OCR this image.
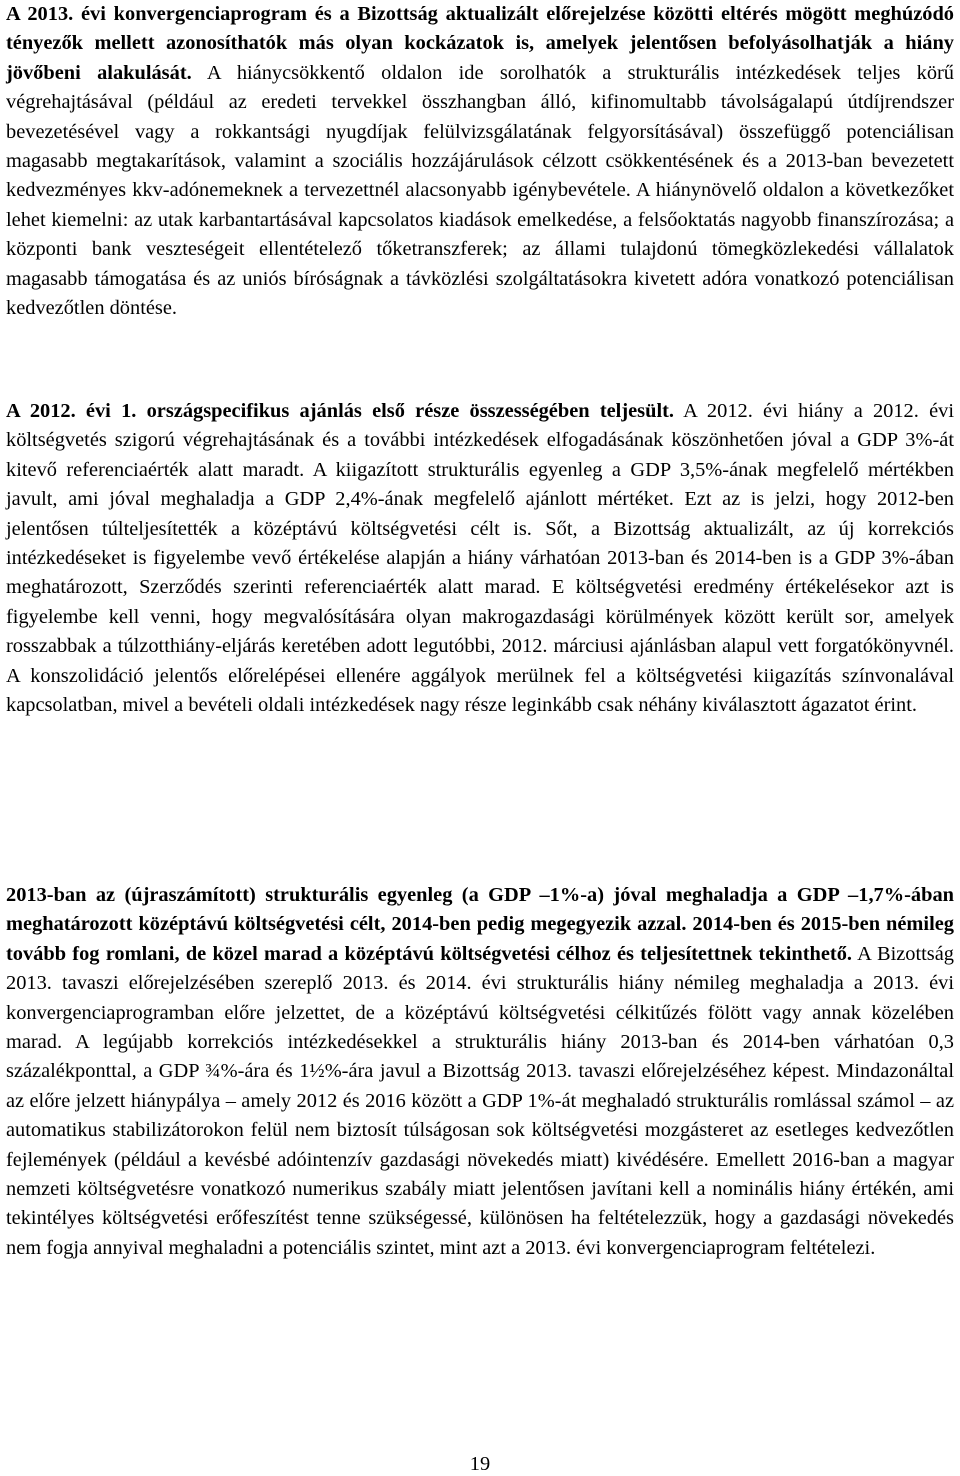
A 2013. évi konvergenciaprogram és a Bizottság aktualizált előrejelzése közötti eltérés mögött meghúzódó tényezők mellett azonosíthatók más olyan kockázatok is, amelyek jelentősen befolyásolhatják a hiány jövőbeni alakulását. A hiánycsökkentő oldalon ide sorolhatók a strukturális intézkedések teljes körű végrehajtásával (például az eredeti tervekkel összhangban álló, kifinomultabb távolságalapú útdíjrendszer bevezetésével vagy a rokkantsági nyugdíjak felülvizsgálatának felgyorsításával) összefüggő potenciálisan magasabb megtakarítások, valamint a szociális hozzájárulások célzott csökkentésének és a 2013-ban bevezetett kedvezményes kkv-adónemeknek a tervezettnél alacsonyabb igénybevétele. A hiánynövelő oldalon a következőket lehet kiemelni: az utak karbantartásával kapcsolatos kiadások emelkedése, a felsőoktatás nagyobb finanszírozása; a központi bank veszteségeit ellentételező tőketranszferek; az állami tulajdonú tömegközlekedési vállalatok magasabb támogatása és az uniós bíróságnak a távközlési szolgáltatásokra kivetett adóra vonatkozó potenciálisan kedvezőtlen döntése.

A 2012. évi 1. országspecifikus ajánlás első része összességében teljesült. A 2012. évi hiány a 2012. évi költségvetés szigorú végrehajtásának és a további intézkedések elfogadásának köszönhetően jóval a GDP 3%-át kitevő referenciaérték alatt maradt. A kiigazított strukturális egyenleg a GDP 3,5%-ának megfelelő mértékben javult, ami jóval meghaladja a GDP 2,4%-ának megfelelő ajánlott mértéket. Ezt az is jelzi, hogy 2012-ben jelentősen túlteljesítették a középtávú költségvetési célt is. Sőt, a Bizottság aktualizált, az új korrekciós intézkedéseket is figyelembe vevő értékelése alapján a hiány várhatóan 2013-ban és 2014-ben is a GDP 3%-ában meghatározott, Szerződés szerinti referenciaérték alatt marad. E költségvetési eredmény értékelésekor azt is figyelembe kell venni, hogy megvalósítására olyan makrogazdasági körülmények között került sor, amelyek rosszabbak a túlzotthiány-eljárás keretében adott legutóbbi, 2012. márciusi ajánlásban alapul vett forgatókönyvnél. A konszolidáció jelentős előrelépései ellenére aggályok merülnek fel a költségvetési kiigazítás színvonalával kapcsolatban, mivel a bevételi oldali intézkedések nagy része leginkább csak néhány kiválasztott ágazatot érint.

2013-ban az (újraszámított) strukturális egyenleg (a GDP –1%-a) jóval meghaladja a GDP –1,7%-ában meghatározott középtávú költségvetési célt, 2014-ben pedig megegyezik azzal. 2014-ben és 2015-ben némileg tovább fog romlani, de közel marad a középtávú költségvetési célhoz és teljesítettnek tekinthető. A Bizottság 2013. tavaszi előrejelzésében szereplő 2013. és 2014. évi strukturális hiány némileg meghaladja a 2013. évi konvergenciaprogramban előre jelzettet, de a középtávú költségvetési célkitűzés fölött vagy annak közelében marad. A legújabb korrekciós intézkedésekkel a strukturális hiány 2013-ban és 2014-ben várhatóan 0,3 százalékponttal, a GDP ¾%-ára és 1½%-ára javul a Bizottság 2013. tavaszi előrejelzéséhez képest. Mindazonáltal az előre jelzett hiánypálya – amely 2012 és 2016 között a GDP 1%-át meghaladó strukturális romlással számol – az automatikus stabilizátorokon felül nem biztosít túlságosan sok költségvetési mozgásteret az esetleges kedvezőtlen fejlemények (például a kevésbé adóintenzív gazdasági növekedés miatt) kivédésére. Emellett 2016-ban a magyar nemzeti költségvetésre vonatkozó numerikus szabály miatt jelentősen javítani kell a nominális hiány értékén, ami tekintélyes költségvetési erőfeszítést tenne szükségessé, különösen ha feltételezzük, hogy a gazdasági növekedés nem fogja annyival meghaladni a potenciális szintet, mint azt a 2013. évi konvergenciaprogram feltételezi.

19
